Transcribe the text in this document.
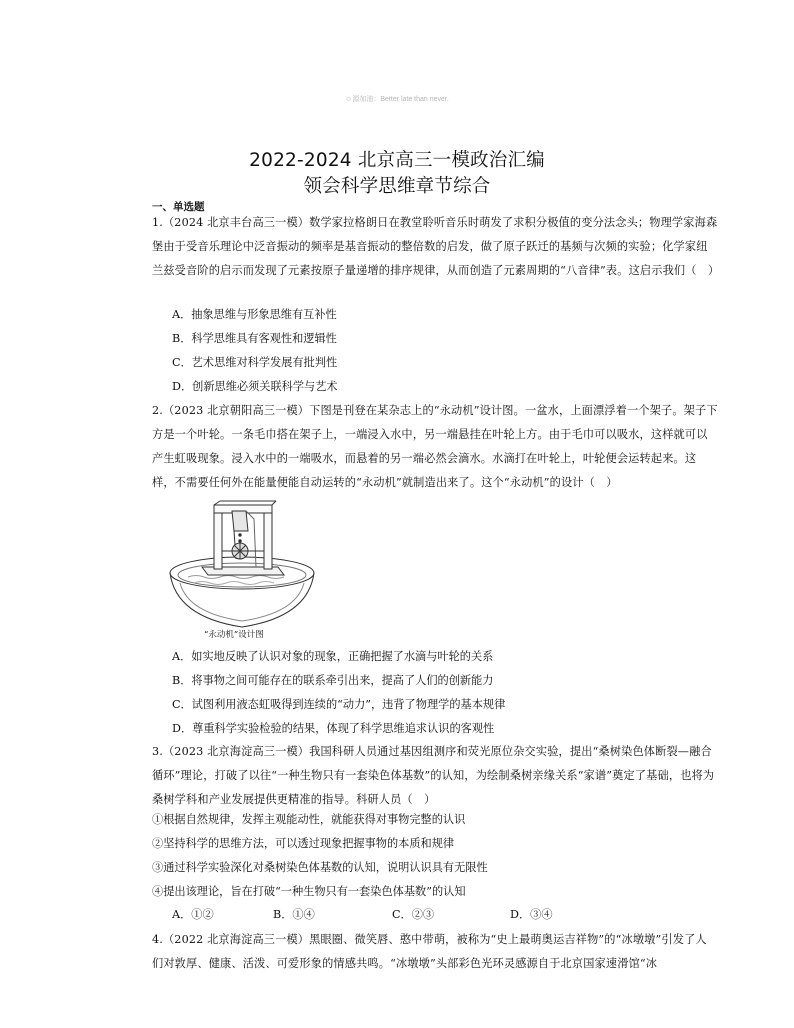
☺源加油：Better late than never.
2022-2024 北京高三一模政治汇编
领会科学思维章节综合
一、单选题
1.（2024 北京丰台高三一模）数学家拉格朗日在教堂聆听音乐时萌发了求积分极值的变分法念头；物理学家海森堡由于受音乐理论中泛音振动的频率是基音振动的整倍数的启发，做了原子跃迁的基频与次频的实验；化学家纽兰兹受音阶的启示而发现了元素按原子量递增的排序规律，从而创造了元素周期的“八音律”表。这启示我们（　）
A．抽象思维与形象思维有互补性
B．科学思维具有客观性和逻辑性
C．艺术思维对科学发展有批判性
D．创新思维必须关联科学与艺术
2.（2023 北京朝阳高三一模）下图是刊登在某杂志上的“永动机”设计图。一盆水，上面漂浮着一个架子。架子下方是一个叶轮。一条毛巾搭在架子上，一端浸入水中，另一端悬挂在叶轮上方。由于毛巾可以吸水，这样就可以产生虹吸现象。浸入水中的一端吸水，而悬着的另一端必然会滴水。水滴打在叶轮上，叶轮便会运转起来。这样，不需要任何外在能量便能自动运转的“永动机”就制造出来了。这个“永动机”的设计（　）
“永动机”设计图
A．如实地反映了认识对象的现象，正确把握了水滴与叶轮的关系
B．将事物之间可能存在的联系牵引出来，提高了人们的创新能力
C．试图利用液态虹吸得到连续的“动力”，违背了物理学的基本规律
D．尊重科学实验检验的结果，体现了科学思维追求认识的客观性
3.（2023 北京海淀高三一模）我国科研人员通过基因组测序和荧光原位杂交实验，提出“桑树染色体断裂—融合循环”理论，打破了以往“一种生物只有一套染色体基数”的认知，为绘制桑树亲缘关系“家谱”奠定了基础，也将为桑树学科和产业发展提供更精准的指导。科研人员（　）
①根据自然规律，发挥主观能动性，就能获得对事物完整的认识
②坚持科学的思维方法，可以透过现象把握事物的本质和规律
③通过科学实验深化对桑树染色体基数的认知，说明认识具有无限性
④提出该理论，旨在打破“一种生物只有一套染色体基数”的认知
A．①②	B．①④	C．②③	D．③④
4.（2022 北京海淀高三一模）黑眼圈、微笑唇、憨中带萌，被称为“史上最萌奥运吉祥物”的“冰墩墩”引发了人们对敦厚、健康、活泼、可爱形象的情感共鸣。“冰墩墩”头部彩色光环灵感源自于北京国家速滑馆“冰
